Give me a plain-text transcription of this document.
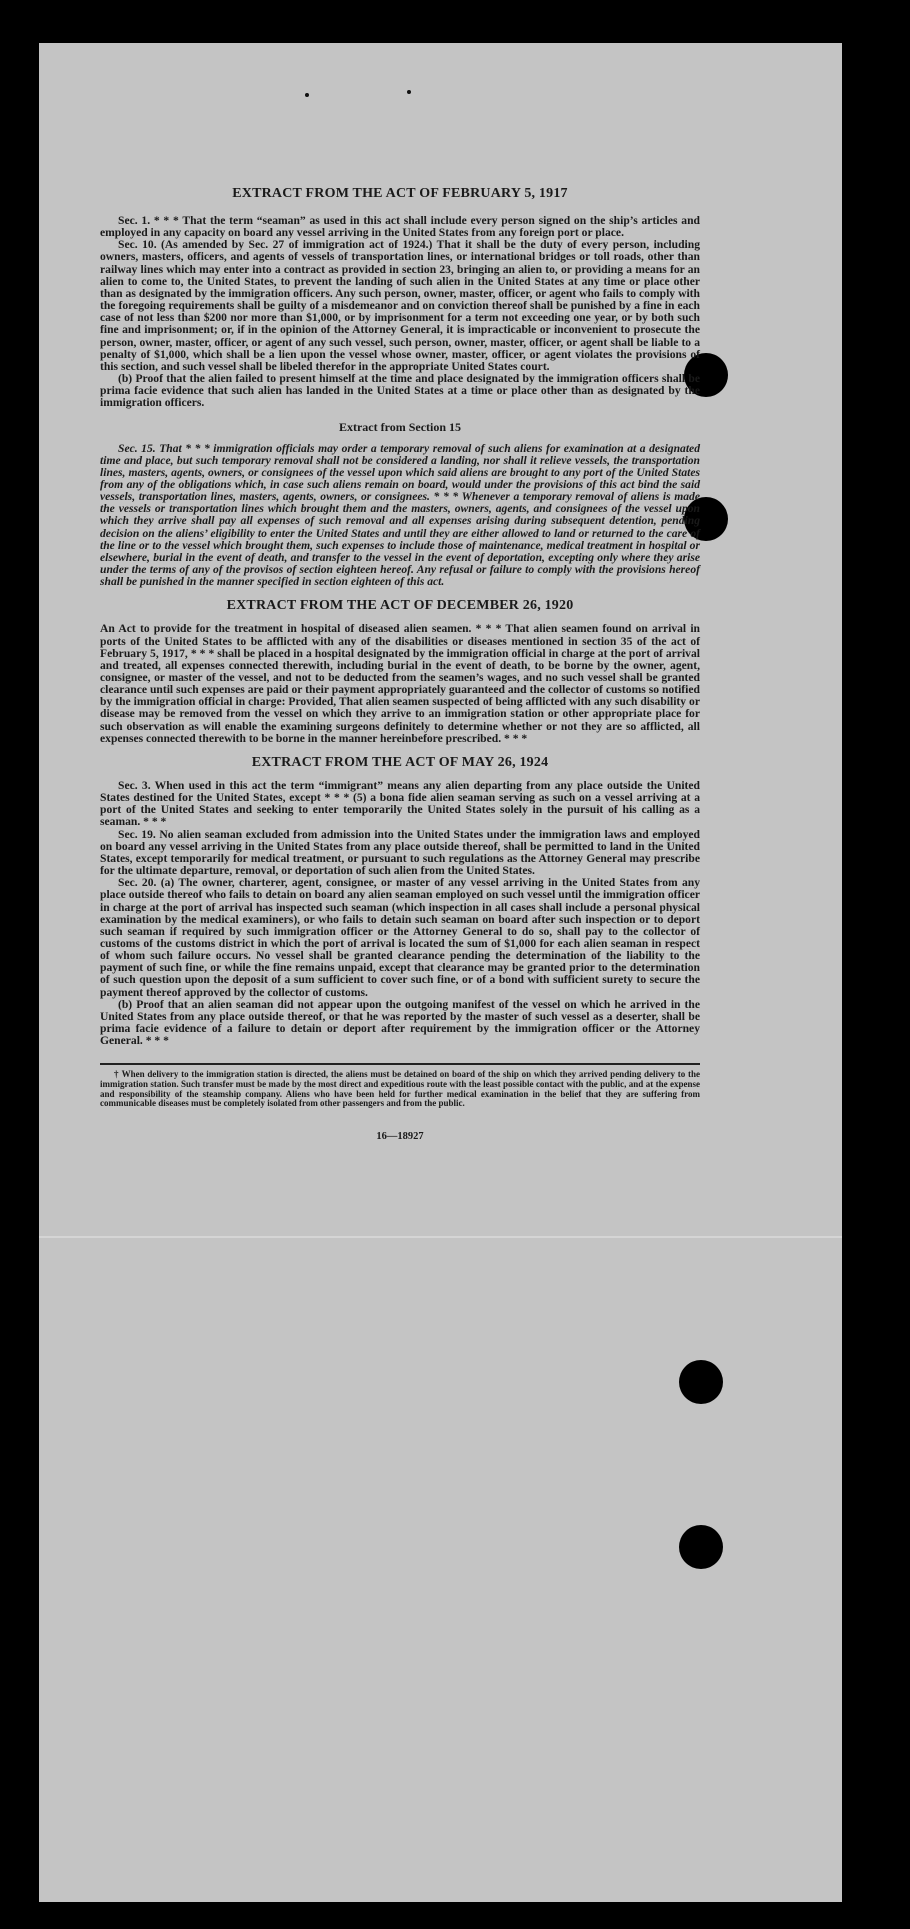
EXTRACT FROM THE ACT OF FEBRUARY 5, 1917

Sec. 1. * * * That the term “seaman” as used in this act shall include every person signed on the ship’s articles and employed in any capacity on board any vessel arriving in the United States from any foreign port or place.

Sec. 10. (As amended by Sec. 27 of immigration act of 1924.) That it shall be the duty of every person, including owners, masters, officers, and agents of vessels of transportation lines, or international bridges or toll roads, other than railway lines which may enter into a contract as provided in section 23, bringing an alien to, or providing a means for an alien to come to, the United States, to prevent the landing of such alien in the United States at any time or place other than as designated by the immigration officers. Any such person, owner, master, officer, or agent who fails to comply with the foregoing requirements shall be guilty of a misdemeanor and on conviction thereof shall be punished by a fine in each case of not less than $200 nor more than $1,000, or by imprisonment for a term not exceeding one year, or by both such fine and imprisonment; or, if in the opinion of the Attorney General, it is impracticable or inconvenient to prosecute the person, owner, master, officer, or agent of any such vessel, such person, owner, master, officer, or agent shall be liable to a penalty of $1,000, which shall be a lien upon the vessel whose owner, master, officer, or agent violates the provisions of this section, and such vessel shall be libeled therefor in the appropriate United States court.

(b) Proof that the alien failed to present himself at the time and place designated by the immigration officers shall be prima facie evidence that such alien has landed in the United States at a time or place other than as designated by the immigration officers.

Extract from Section 15

Sec. 15. That * * * immigration officials may order a temporary removal of such aliens for examination at a designated time and place, but such temporary removal shall not be considered a landing, nor shall it relieve vessels, the transportation lines, masters, agents, owners, or consignees of the vessel upon which said aliens are brought to any port of the United States from any of the obligations which, in case such aliens remain on board, would under the provisions of this act bind the said vessels, transportation lines, masters, agents, owners, or consignees. * * * Whenever a temporary removal of aliens is made the vessels or transportation lines which brought them and the masters, owners, agents, and consignees of the vessel upon which they arrive shall pay all expenses of such removal and all expenses arising during subsequent detention, pending decision on the aliens’ eligibility to enter the United States and until they are either allowed to land or returned to the care of the line or to the vessel which brought them, such expenses to include those of maintenance, medical treatment in hospital or elsewhere, burial in the event of death, and transfer to the vessel in the event of deportation, excepting only where they arise under the terms of any of the provisos of section eighteen hereof. Any refusal or failure to comply with the provisions hereof shall be punished in the manner specified in section eighteen of this act.

EXTRACT FROM THE ACT OF DECEMBER 26, 1920

An Act to provide for the treatment in hospital of diseased alien seamen. * * * That alien seamen found on arrival in ports of the United States to be afflicted with any of the disabilities or diseases mentioned in section 35 of the act of February 5, 1917, * * * shall be placed in a hospital designated by the immigration official in charge at the port of arrival and treated, all expenses connected therewith, including burial in the event of death, to be borne by the owner, agent, consignee, or master of the vessel, and not to be deducted from the seamen’s wages, and no such vessel shall be granted clearance until such expenses are paid or their payment appropriately guaranteed and the collector of customs so notified by the immigration official in charge: Provided, That alien seamen suspected of being afflicted with any such disability or disease may be removed from the vessel on which they arrive to an immigration station or other appropriate place for such observation as will enable the examining surgeons definitely to determine whether or not they are so afflicted, all expenses connected therewith to be borne in the manner hereinbefore prescribed. * * *

EXTRACT FROM THE ACT OF MAY 26, 1924

Sec. 3. When used in this act the term “immigrant” means any alien departing from any place outside the United States destined for the United States, except * * * (5) a bona fide alien seaman serving as such on a vessel arriving at a port of the United States and seeking to enter temporarily the United States solely in the pursuit of his calling as a seaman. * * *

Sec. 19. No alien seaman excluded from admission into the United States under the immigration laws and employed on board any vessel arriving in the United States from any place outside thereof, shall be permitted to land in the United States, except temporarily for medical treatment, or pursuant to such regulations as the Attorney General may prescribe for the ultimate departure, removal, or deportation of such alien from the United States.

Sec. 20. (a) The owner, charterer, agent, consignee, or master of any vessel arriving in the United States from any place outside thereof who fails to detain on board any alien seaman employed on such vessel until the immigration officer in charge at the port of arrival has inspected such seaman (which inspection in all cases shall include a personal physical examination by the medical examiners), or who fails to detain such seaman on board after such inspection or to deport such seaman if required by such immigration officer or the Attorney General to do so, shall pay to the collector of customs of the customs district in which the port of arrival is located the sum of $1,000 for each alien seaman in respect of whom such failure occurs. No vessel shall be granted clearance pending the determination of the liability to the payment of such fine, or while the fine remains unpaid, except that clearance may be granted prior to the determination of such question upon the deposit of a sum sufficient to cover such fine, or of a bond with sufficient surety to secure the payment thereof approved by the collector of customs.

(b) Proof that an alien seaman did not appear upon the outgoing manifest of the vessel on which he arrived in the United States from any place outside thereof, or that he was reported by the master of such vessel as a deserter, shall be prima facie evidence of a failure to detain or deport after requirement by the immigration officer or the Attorney General. * * *

† When delivery to the immigration station is directed, the aliens must be detained on board of the ship on which they arrived pending delivery to the immigration station. Such transfer must be made by the most direct and expeditious route with the least possible contact with the public, and at the expense and responsibility of the steamship company. Aliens who have been held for further medical examination in the belief that they are suffering from communicable diseases must be completely isolated from other passengers and from the public.

16—18927
